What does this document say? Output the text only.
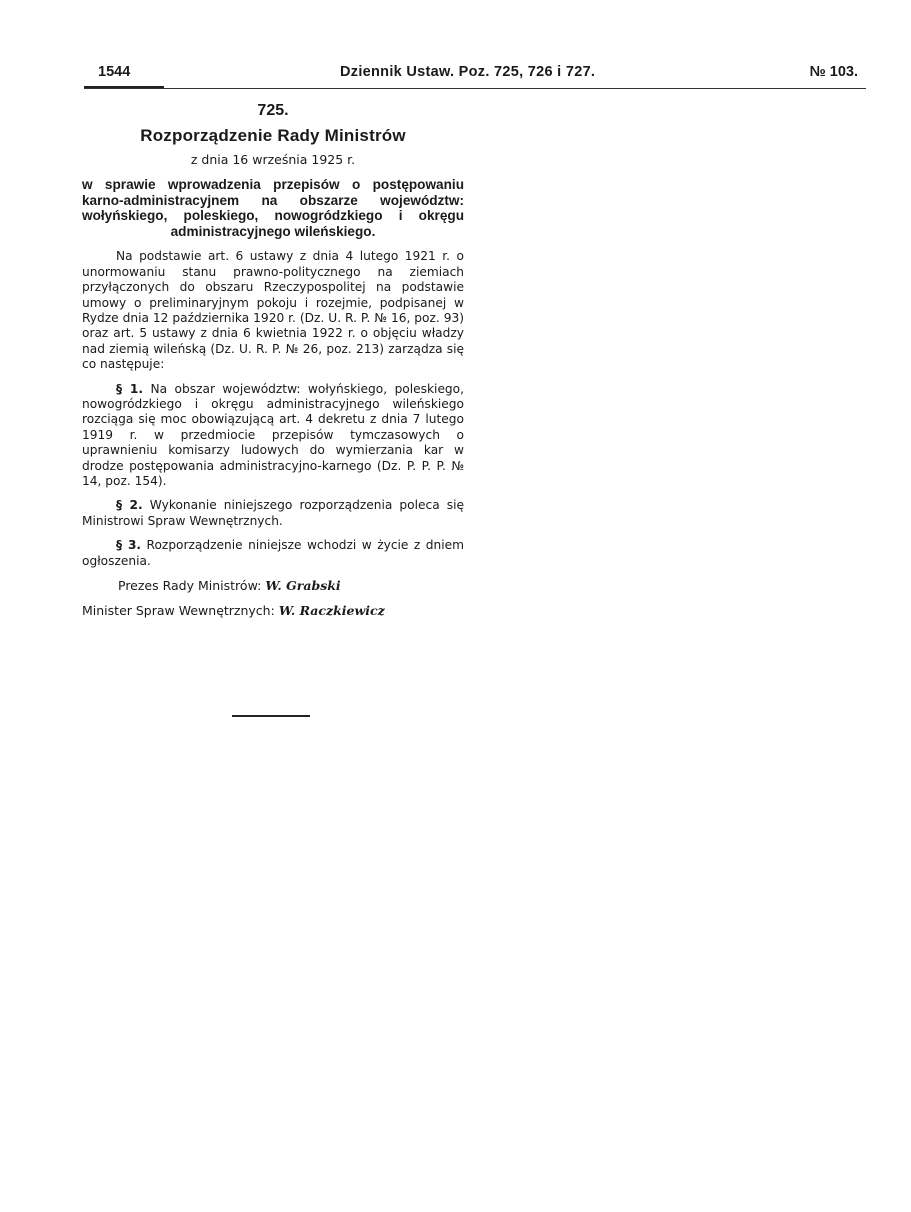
1544	Dziennik Ustaw. Poz. 725, 726 i 727.	№ 103.
725.
Rozporządzenie Rady Ministrów
z dnia 16 września 1925 r.
w sprawie wprowadzenia przepisów o postępowaniu karno-administracyjnem na obszarze województw: wołyńskiego, poleskiego, nowogródzkiego i okręgu administracyjnego wileńskiego.

Na podstawie art. 6 ustawy z dnia 4 lutego 1921 r. o unormowaniu stanu prawno-politycznego na ziemiach przyłączonych do obszaru Rzeczypospolitej na podstawie umowy o preliminaryjnym pokoju i rozejmie, podpisanej w Rydze dnia 12 października 1920 r. (Dz. U. R. P. № 16, poz. 93) oraz art. 5 ustawy z dnia 6 kwietnia 1922 r. o objęciu władzy nad ziemią wileńską (Dz. U. R. P. № 26, poz. 213) zarządza się co następuje:

§ 1. Na obszar województw: wołyńskiego, poleskiego, nowogródzkiego i okręgu administracyjnego wileńskiego rozciąga się moc obowiązującą art. 4 dekretu z dnia 7 lutego 1919 r. w przedmiocie przepisów tymczasowych o uprawnieniu komisarzy ludowych do wymierzania kar w drodze postępowania administracyjno-karnego (Dz. P. P. P. № 14, poz. 154).

§ 2. Wykonanie niniejszego rozporządzenia poleca się Ministrowi Spraw Wewnętrznych.

§ 3. Rozporządzenie niniejsze wchodzi w życie z dniem ogłoszenia.

Prezes Rady Ministrów: W. Grabski
Minister Spraw Wewnętrznych: W. Raczkiewicz
